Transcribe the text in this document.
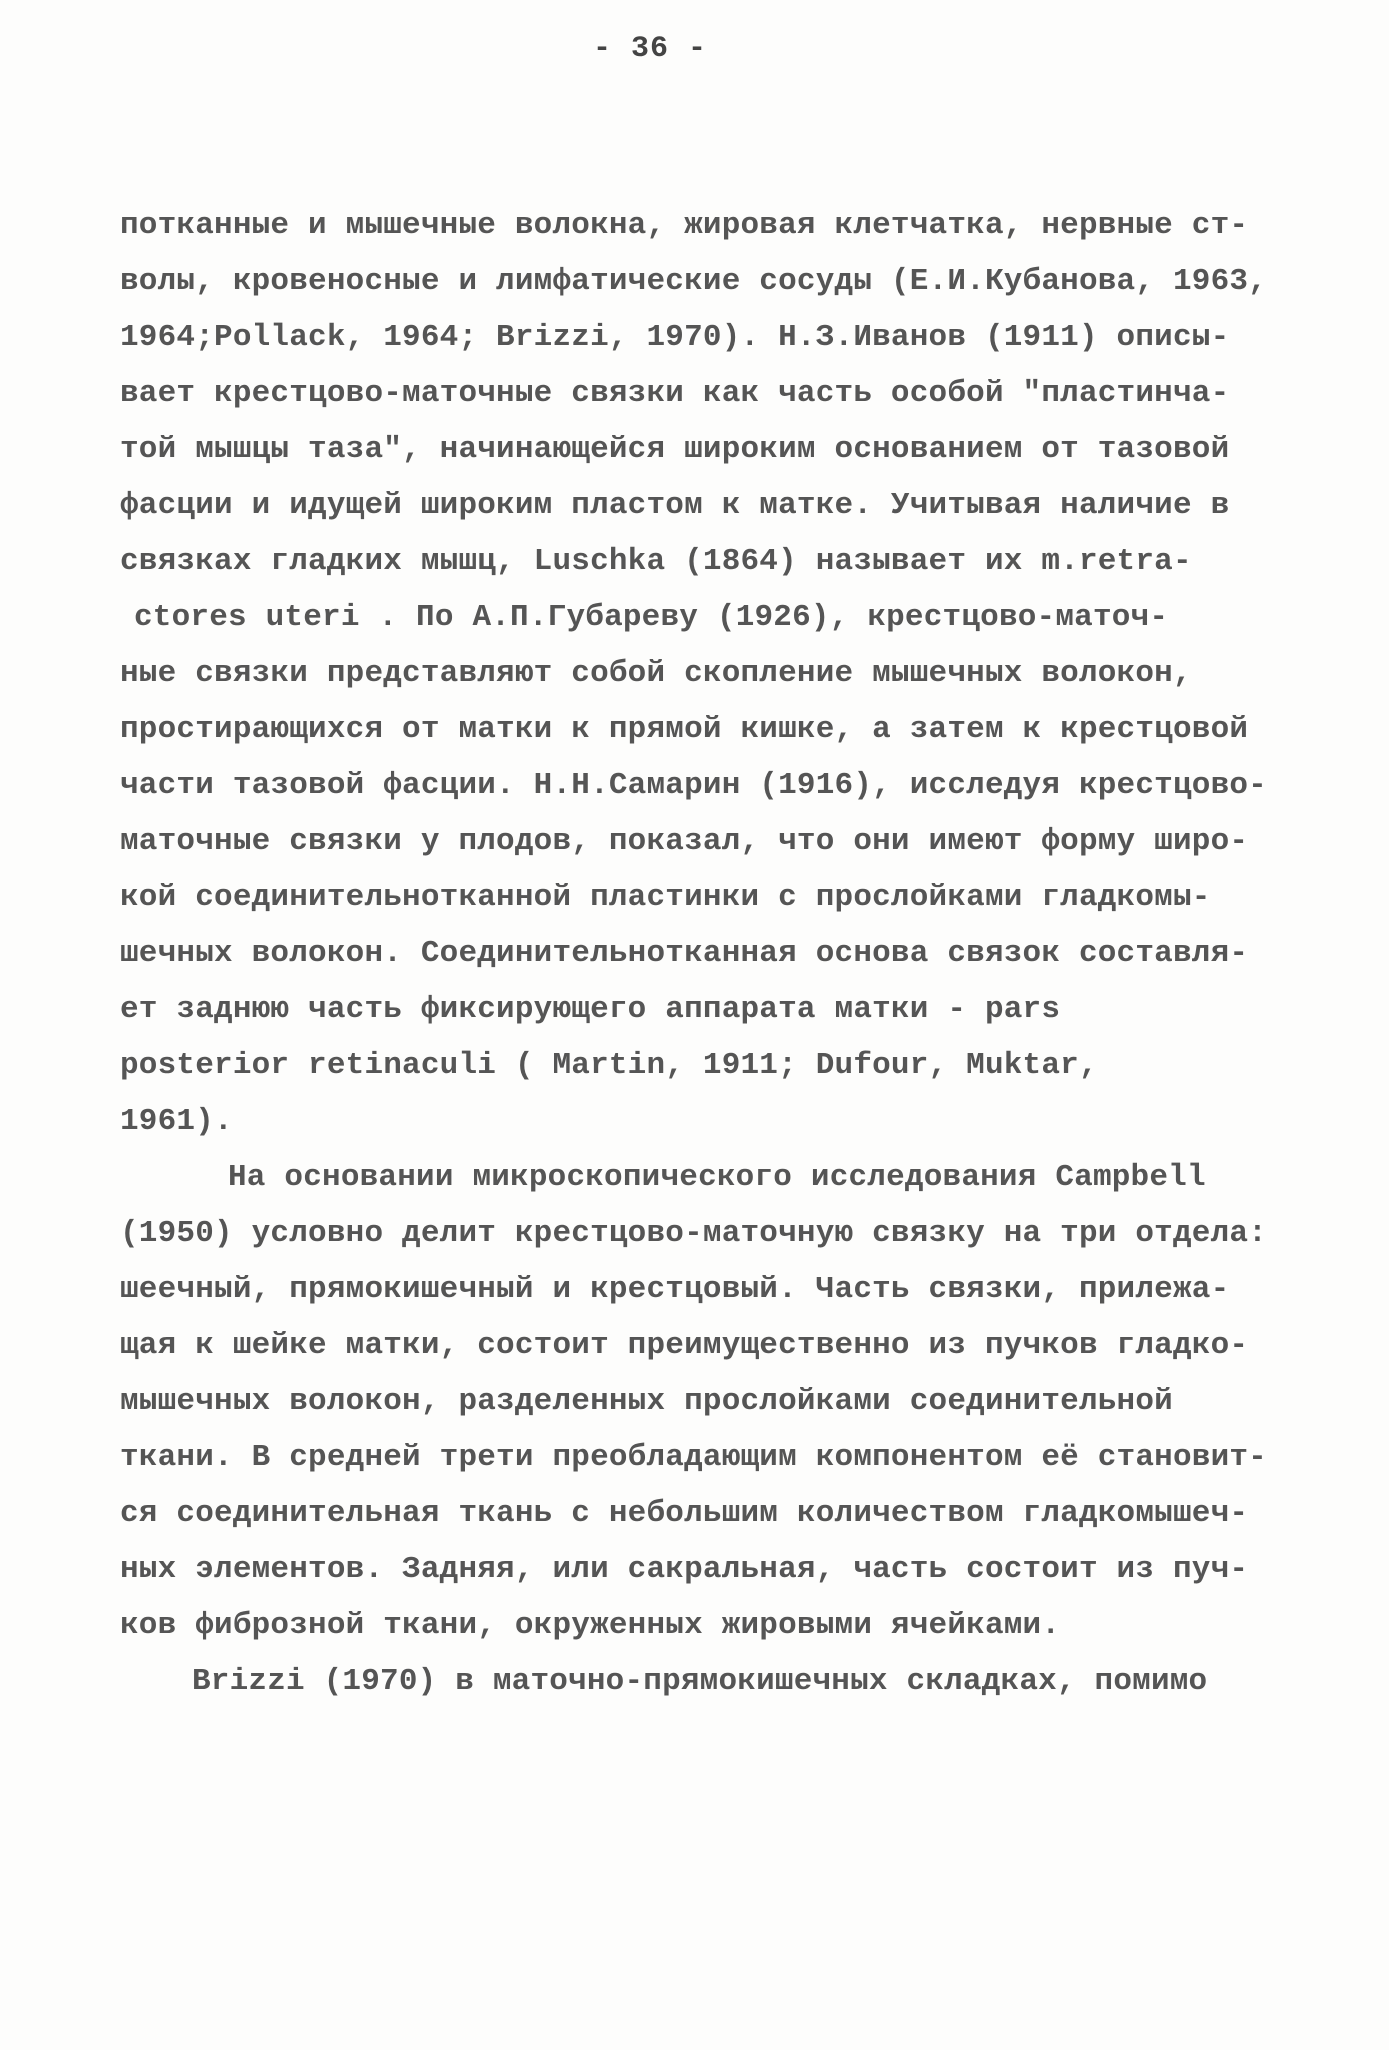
- 36 -
потканные и мышечные волокна, жировая клетчатка, нервные ст-
волы, кровеносные и лимфатические сосуды (Е.И.Кубанова, 1963,
1964;Pollack, 1964; Brizzi, 1970). Н.З.Иванов (1911) описы-
вает крестцово-маточные связки как часть особой "пластинча-
той мышцы таза", начинающейся широким основанием от тазовой
фасции и идущей широким пластом к матке. Учитывая наличие в
связках гладких мышц, Luschka (1864) называет их m.retra-
ctores uteri . По А.П.Губареву (1926), крестцово-маточ-
ные связки представляют собой скопление мышечных волокон,
простирающихся от матки к прямой кишке, а затем к крестцовой
части тазовой фасции. Н.Н.Самарин (1916), исследуя крестцово-
маточные связки у плодов, показал, что они имеют форму широ-
кой соединительнотканной пластинки с прослойками гладкомы-
шечных волокон. Соединительнотканная основа связок составля-
ет заднюю часть фиксирующего аппарата матки - pars
posterior retinaculi ( Martin, 1911; Dufour, Muktar,
1961).
На основании микроскопического исследования Campbell
(1950) условно делит крестцово-маточную связку на три отдела:
шеечный, прямокишечный и крестцовый. Часть связки, прилежа-
щая к шейке матки, состоит преимущественно из пучков гладко-
мышечных волокон, разделенных прослойками соединительной
ткани. В средней трети преобладающим компонентом её становит-
ся соединительная ткань с небольшим количеством гладкомышеч-
ных элементов. Задняя, или сакральная, часть состоит из пуч-
ков фиброзной ткани, окруженных жировыми ячейками.
Brizzi (1970) в маточно-прямокишечных складках, помимо
